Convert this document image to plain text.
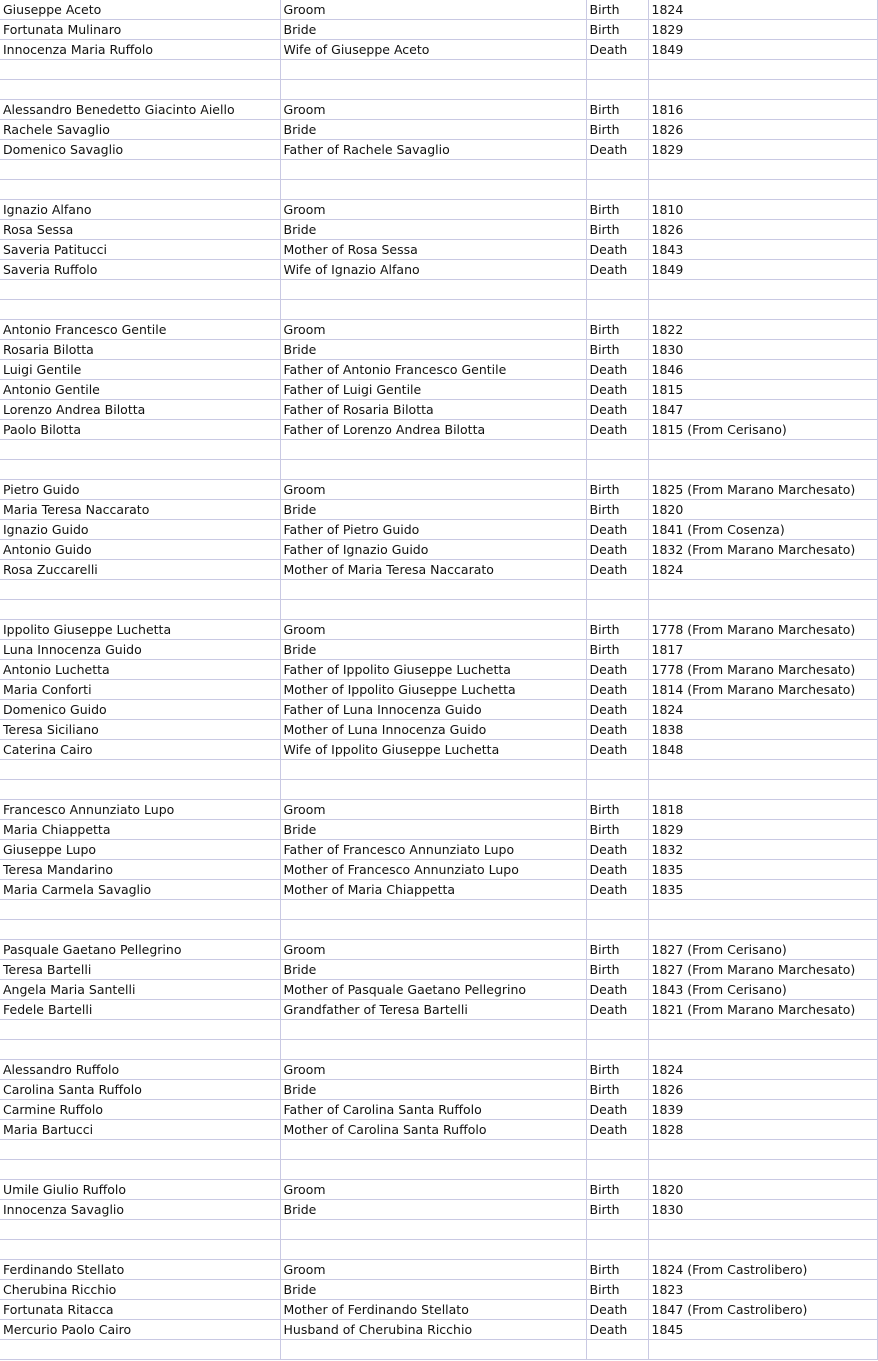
Giuseppe Aceto	Groom	Birth	1824
Fortunata Mulinaro	Bride	Birth	1829
Innocenza Maria Ruffolo	Wife of Giuseppe Aceto	Death	1849

Alessandro Benedetto Giacinto Aiello	Groom	Birth	1816
Rachele Savaglio	Bride	Birth	1826
Domenico Savaglio	Father of Rachele Savaglio	Death	1829

Ignazio Alfano	Groom	Birth	1810
Rosa Sessa	Bride	Birth	1826
Saveria Patitucci	Mother of Rosa Sessa	Death	1843
Saveria Ruffolo	Wife of Ignazio Alfano	Death	1849

Antonio Francesco Gentile	Groom	Birth	1822
Rosaria Bilotta	Bride	Birth	1830
Luigi Gentile	Father of Antonio Francesco Gentile	Death	1846
Antonio Gentile	Father of Luigi Gentile	Death	1815
Lorenzo Andrea Bilotta	Father of Rosaria Bilotta	Death	1847
Paolo Bilotta	Father of Lorenzo Andrea Bilotta	Death	1815 (From Cerisano)

Pietro Guido	Groom	Birth	1825 (From Marano Marchesato)
Maria Teresa Naccarato	Bride	Birth	1820
Ignazio Guido	Father of Pietro Guido	Death	1841 (From Cosenza)
Antonio Guido	Father of Ignazio Guido	Death	1832 (From Marano Marchesato)
Rosa Zuccarelli	Mother of Maria Teresa Naccarato	Death	1824

Ippolito Giuseppe Luchetta	Groom	Birth	1778 (From Marano Marchesato)
Luna Innocenza Guido	Bride	Birth	1817
Antonio Luchetta	Father of Ippolito Giuseppe Luchetta	Death	1778 (From Marano Marchesato)
Maria Conforti	Mother of Ippolito Giuseppe Luchetta	Death	1814 (From Marano Marchesato)
Domenico Guido	Father of Luna Innocenza Guido	Death	1824
Teresa Siciliano	Mother of Luna Innocenza Guido	Death	1838
Caterina Cairo	Wife of Ippolito Giuseppe Luchetta	Death	1848

Francesco Annunziato Lupo	Groom	Birth	1818
Maria Chiappetta	Bride	Birth	1829
Giuseppe Lupo	Father of Francesco Annunziato Lupo	Death	1832
Teresa Mandarino	Mother of Francesco Annunziato Lupo	Death	1835
Maria Carmela Savaglio	Mother of Maria Chiappetta	Death	1835

Pasquale Gaetano Pellegrino	Groom	Birth	1827 (From Cerisano)
Teresa Bartelli	Bride	Birth	1827 (From Marano Marchesato)
Angela Maria Santelli	Mother of Pasquale Gaetano Pellegrino	Death	1843 (From Cerisano)
Fedele Bartelli	Grandfather of Teresa Bartelli	Death	1821 (From Marano Marchesato)

Alessandro Ruffolo	Groom	Birth	1824
Carolina Santa Ruffolo	Bride	Birth	1826
Carmine Ruffolo	Father of Carolina Santa Ruffolo	Death	1839
Maria Bartucci	Mother of Carolina Santa Ruffolo	Death	1828

Umile Giulio Ruffolo	Groom	Birth	1820
Innocenza Savaglio	Bride	Birth	1830

Ferdinando Stellato	Groom	Birth	1824 (From Castrolibero)
Cherubina Ricchio	Bride	Birth	1823
Fortunata Ritacca	Mother of Ferdinando Stellato	Death	1847 (From Castrolibero)
Mercurio Paolo Cairo	Husband of Cherubina Ricchio	Death	1845
